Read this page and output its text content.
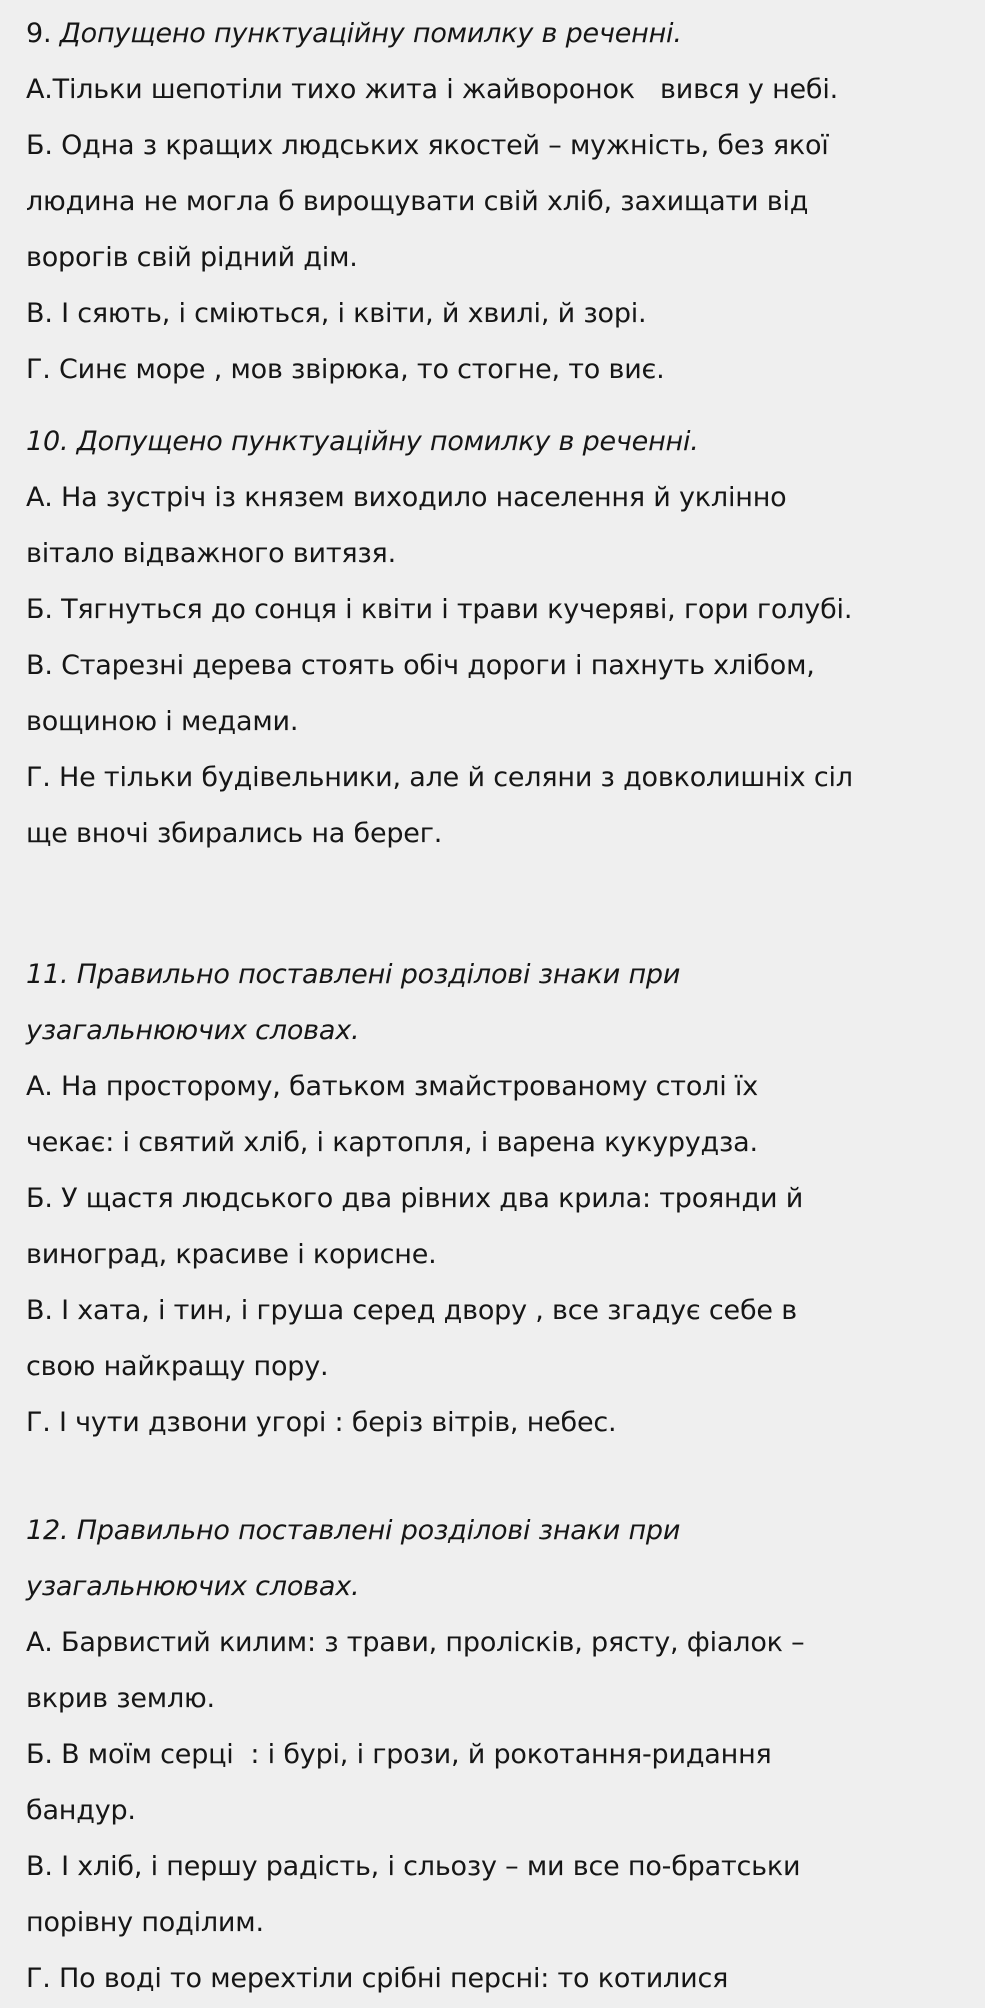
9. Допущено пунктуаційну помилку в реченні.
А.Тільки шепотіли тихо жита і жайворонок   вився у небі.
Б. Одна з кращих людських якостей – мужність, без якої
людина не могла б вирощувати свій хліб, захищати від
ворогів свій рідний дім.
В. І сяють, і сміються, і квіти, й хвилі, й зорі.
Г. Синє море , мов звірюка, то стогне, то виє.
10. Допущено пунктуаційну помилку в реченні.
А. На зустріч із князем виходило населення й уклінно
вітало відважного витязя.
Б. Тягнуться до сонця і квіти і трави кучеряві, гори голубі.
В. Старезні дерева стоять обіч дороги і пахнуть хлібом,
вощиною і медами.
Г. Не тільки будівельники, але й селяни з довколишніх сіл
ще вночі збирались на берег.
11. Правильно поставлені розділові знаки при
узагальнюючих словах.
А. На просторому, батьком змайстрованому столі їх
чекає: і святий хліб, і картопля, і варена кукурудза.
Б. У щастя людського два рівних два крила: троянди й
виноград, красиве і корисне.
В. І хата, і тин, і груша серед двору , все згадує себе в
свою найкращу пору.
Г. І чути дзвони угорі : беріз вітрів, небес.
12. Правильно поставлені розділові знаки при
узагальнюючих словах.
А. Барвистий килим: з трави, пролісків, рясту, фіалок –
вкрив землю.
Б. В моїм серці  : і бурі, і грози, й рокотання-ридання
бандур.
В. І хліб, і першу радість, і сльозу – ми все по-братськи
порівну поділим.
Г. По воді то мерехтіли срібні персні: то котилися
